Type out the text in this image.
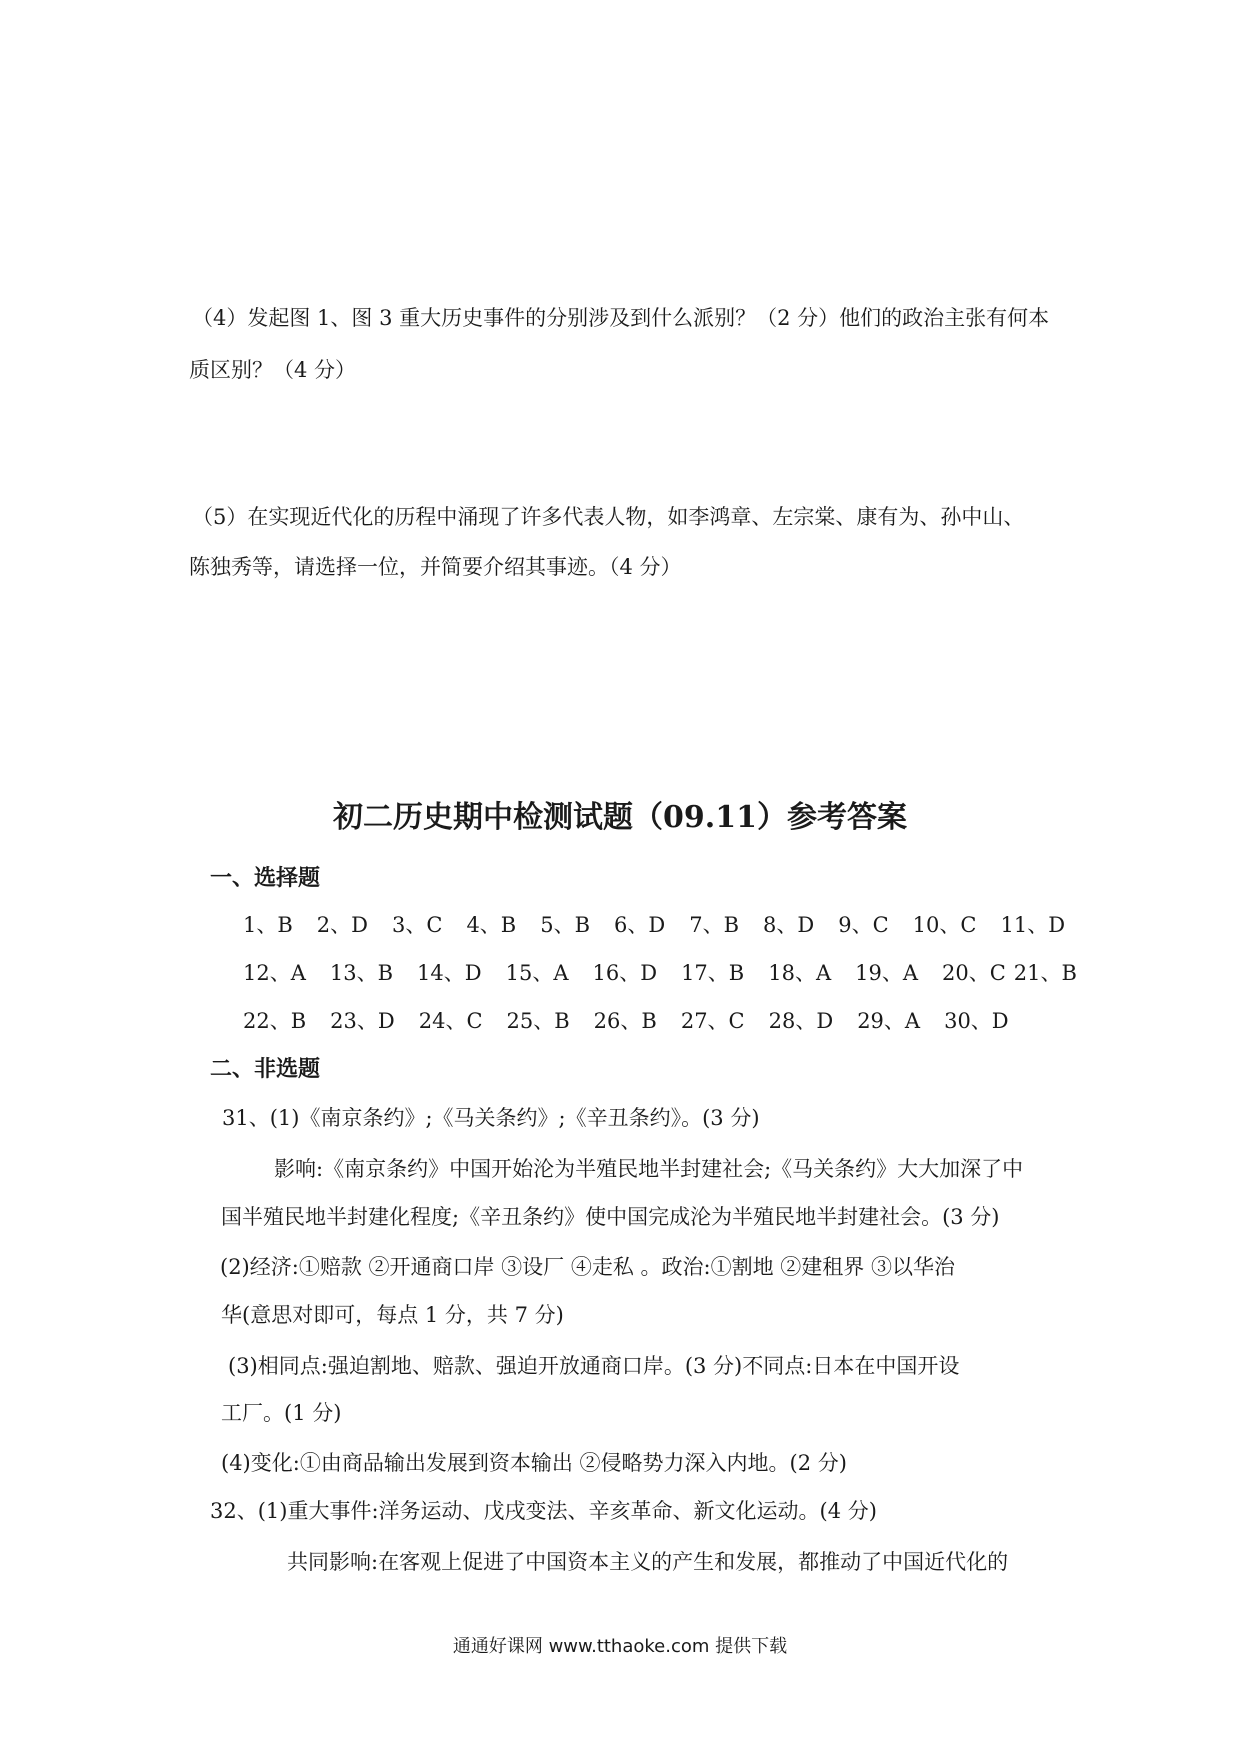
（4）发起图 1、图 3 重大历史事件的分别涉及到什么派别？（2 分）他们的政治主张有何本
质区别？（4 分）
（5）在实现近代化的历程中涌现了许多代表人物，如李鸿章、左宗棠、康有为、孙中山、
陈独秀等，请选择一位，并简要介绍其事迹。（4 分）
初二历史期中检测试题（09.11）参考答案
一、选择题
1、B 2、D 3、C 4、B 5、B 6、D 7、B 8、D 9、C 10、C 11、D
12、A 13、B 14、D 15、A 16、D 17、B 18、A 19、A 20、C 21、B
22、B 23、D 24、C 25、B 26、B 27、C 28、D 29、A 30、D
二、非选题
31、(1)《南京条约》;《马关条约》;《辛丑条约》。(3 分)
影响:《南京条约》中国开始沦为半殖民地半封建社会;《马关条约》大大加深了中
国半殖民地半封建化程度;《辛丑条约》使中国完成沦为半殖民地半封建社会。(3 分)
(2)经济:①赔款 ②开通商口岸 ③设厂 ④走私 。政治:①割地 ②建租界 ③以华治
华(意思对即可，每点 1 分，共 7 分)
(3)相同点:强迫割地、赔款、强迫开放通商口岸。(3 分)不同点:日本在中国开设
工厂。(1 分)
(4)变化:①由商品输出发展到资本输出 ②侵略势力深入内地。(2 分)
32、(1)重大事件:洋务运动、戊戌变法、辛亥革命、新文化运动。(4 分)
共同影响:在客观上促进了中国资本主义的产生和发展，都推动了中国近代化的
通通好课网 www.tthaoke.com 提供下载
